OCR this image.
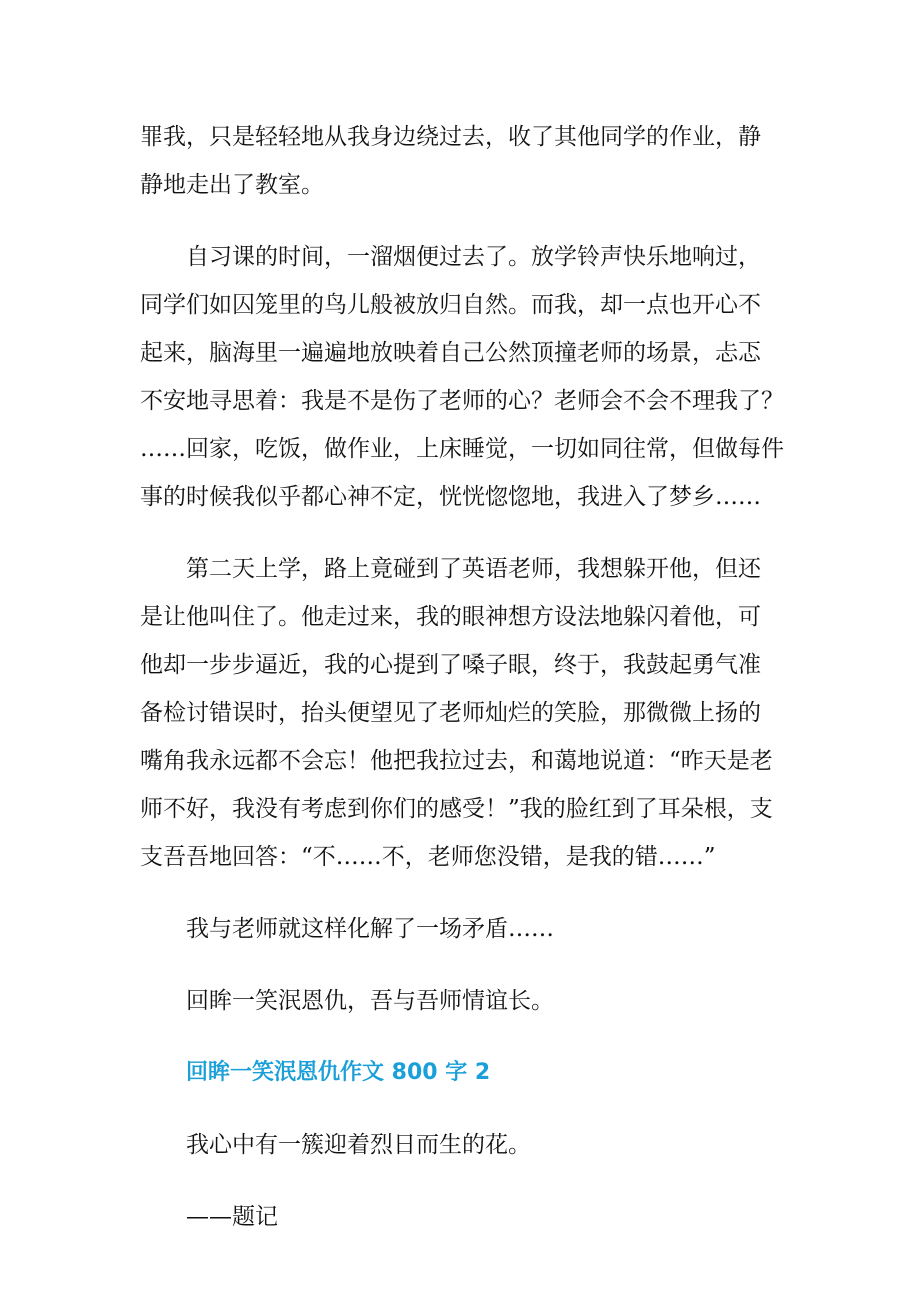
罪我，只是轻轻地从我身边绕过去，收了其他同学的作业，静
静地走出了教室。

自习课的时间，一溜烟便过去了。放学铃声快乐地响过，
同学们如囚笼里的鸟儿般被放归自然。而我，却一点也开心不
起来，脑海里一遍遍地放映着自己公然顶撞老师的场景，忐忑
不安地寻思着：我是不是伤了老师的心？老师会不会不理我了？
……回家，吃饭，做作业，上床睡觉，一切如同往常，但做每件
事的时候我似乎都心神不定，恍恍惚惚地，我进入了梦乡……

第二天上学，路上竟碰到了英语老师，我想躲开他，但还
是让他叫住了。他走过来，我的眼神想方设法地躲闪着他，可
他却一步步逼近，我的心提到了嗓子眼，终于，我鼓起勇气准
备检讨错误时，抬头便望见了老师灿烂的笑脸，那微微上扬的
嘴角我永远都不会忘！他把我拉过去，和蔼地说道：“昨天是老
师不好，我没有考虑到你们的感受！”我的脸红到了耳朵根，支
支吾吾地回答：“不……不，老师您没错，是我的错……”

我与老师就这样化解了一场矛盾……

回眸一笑泯恩仇，吾与吾师情谊长。

回眸一笑泯恩仇作文 800 字 2

我心中有一簇迎着烈日而生的花。

——题记
